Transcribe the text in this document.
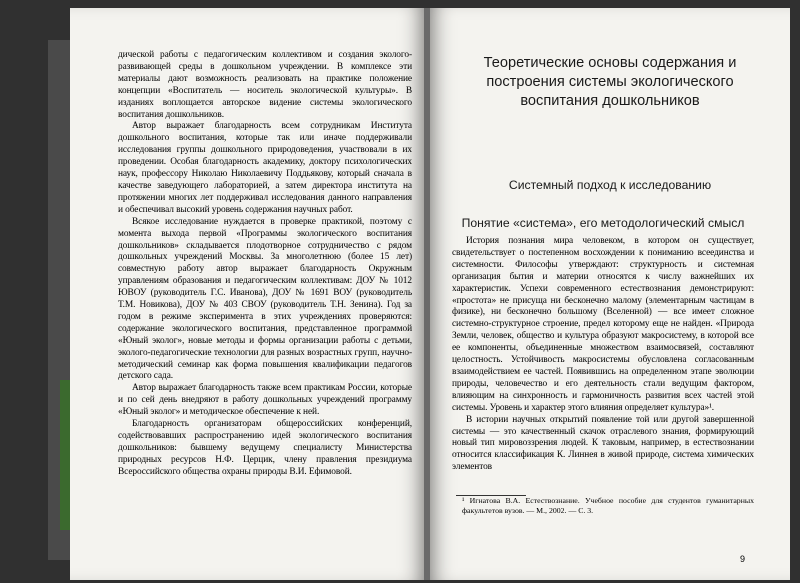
дической работы с педагогическим коллективом и создания эколого-развивающей среды в дошкольном учреждении. В комплексе эти материалы дают возможность реализовать на практике положение концепции «Воспитатель — носитель экологической культуры». В изданиях воплощается авторское видение системы экологического воспитания дошкольников.

Автор выражает благодарность всем сотрудникам Института дошкольного воспитания, которые так или иначе поддерживали исследования группы дошкольного природоведения, участвовали в их проведении. Особая благодарность академику, доктору психологических наук, профессору Николаю Николаевичу Поддьякову, который сначала в качестве заведующего лабораторией, а затем директора института на протяжении многих лет поддерживал исследования данного направления и обеспечивал высокий уровень содержания научных работ.

Всякое исследование нуждается в проверке практикой, поэтому с момента выхода первой «Программы экологического воспитания дошкольников» складывается плодотворное сотрудничество с рядом дошкольных учреждений Москвы. За многолетнюю (более 15 лет) совместную работу автор выражает благодарность Окружным управлениям образования и педагогическим коллективам: ДОУ № 1012 ЮВОУ (руководитель Г.С. Иванова), ДОУ № 1691 ВОУ (руководитель Т.М. Новикова), ДОУ № 403 СВОУ (руководитель Т.Н. Зенина). Год за годом в режиме эксперимента в этих учреждениях проверяются: содержание экологического воспитания, представленное программой «Юный эколог», новые методы и формы организации работы с детьми, эколого-педагогические технологии для разных возрастных групп, научно-методический семинар как форма повышения квалификации педагогов детского сада.

Автор выражает благодарность также всем практикам России, которые и по сей день внедряют в работу дошкольных учреждений программу «Юный эколог» и методическое обеспечение к ней.

Благодарность организаторам общероссийских конференций, содействовавших распространению идей экологического воспитания дошкольников: бывшему ведущему специалисту Министерства природных ресурсов Н.Ф. Церцик, члену правления президиума Всероссийского общества охраны природы В.И. Ефимовой.

Теоретические основы содержания и построения системы экологического воспитания дошкольников
Системный подход к исследованию
Понятие «система», его методологический смысл

История познания мира человеком, в котором он существует, свидетельствует о постепенном восхождении к пониманию всеединства и системности. Философы утверждают: структурность и системная организация бытия и материи относятся к числу важнейших их характеристик. Успехи современного естествознания демонстрируют: «простота» не присуща ни бесконечно малому (элементарным частицам в физике), ни бесконечно большому (Вселенной) — все имеет сложное системно-структурное строение, предел которому еще не найден. «Природа Земли, человек, общество и культура образуют макросистему, в которой все ее компоненты, объединенные множеством взаимосвязей, составляют целостность. Устойчивость макросистемы обусловлена согласованным взаимодействием ее частей. Появившись на определенном этапе эволюции природы, человечество и его деятельность стали ведущим фактором, влияющим на синхронность и гармоничность развития всех частей этой системы. Уровень и характер этого влияния определяет культура»¹.

В истории научных открытий появление той или другой завершенной системы — это качественный скачок отраслевого знания, формирующий новый тип мировоззрения людей. К таковым, например, в естествознании относится классификация К. Линнея в живой природе, система химических элементов

¹ Игнатова В.А. Естествознание. Учебное пособие для студентов гуманитарных факультетов вузов. — М., 2002. — С. 3.
9
